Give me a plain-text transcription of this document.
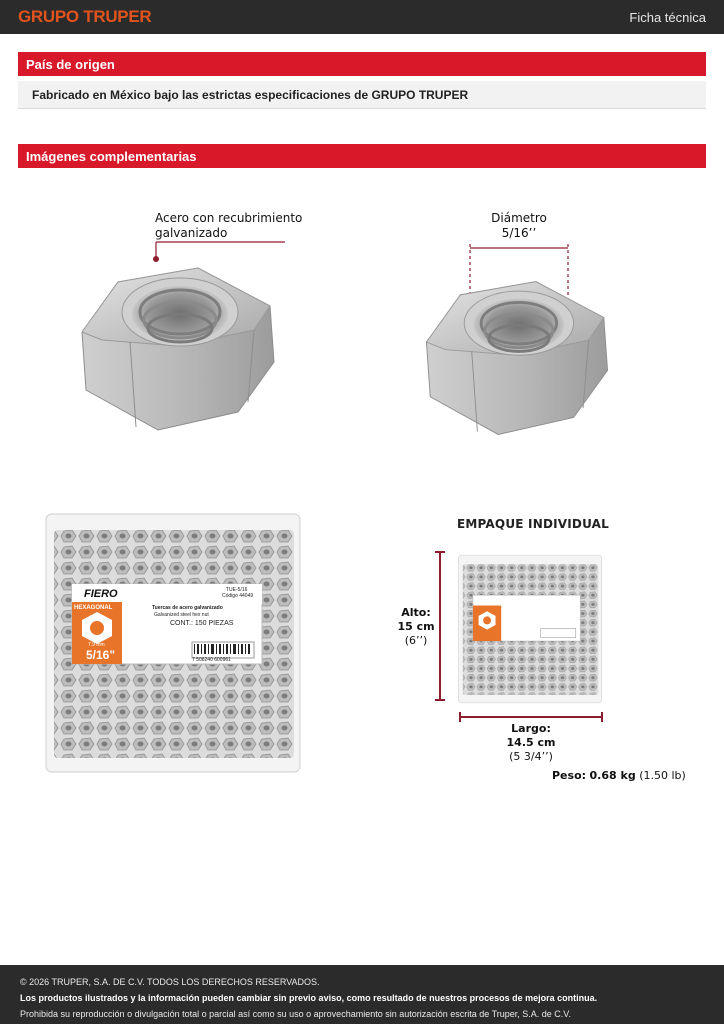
GRUPO TRUPER	Ficha técnica
País de origen
Fabricado en México bajo las estrictas especificaciones de GRUPO TRUPER
Imágenes complementarias
Acero con recubrimiento
galvanizado
Diámetro
5/16’’
FIERO
HEXAGONAL
TUE-5/16
Código 44049
Tuercas de acero galvanizado
Galvanized steel hex nut
CONT.: 150 PIEZAS
5/16"
7.9 mm
7 506240 600961
EMPAQUE INDIVIDUAL
Alto:
15 cm
(6’’)
Largo:
14.5 cm
(5 3/4’’)
Peso: 0.68 kg (1.50 lb)
© 2026 TRUPER, S.A. DE C.V. TODOS LOS DERECHOS RESERVADOS.
Los productos ilustrados y la información pueden cambiar sin previo aviso, como resultado de nuestros procesos de mejora continua.
Prohibida su reproducción o divulgación total o parcial así como su uso o aprovechamiento sin autorización escrita de Truper, S.A. de C.V.
